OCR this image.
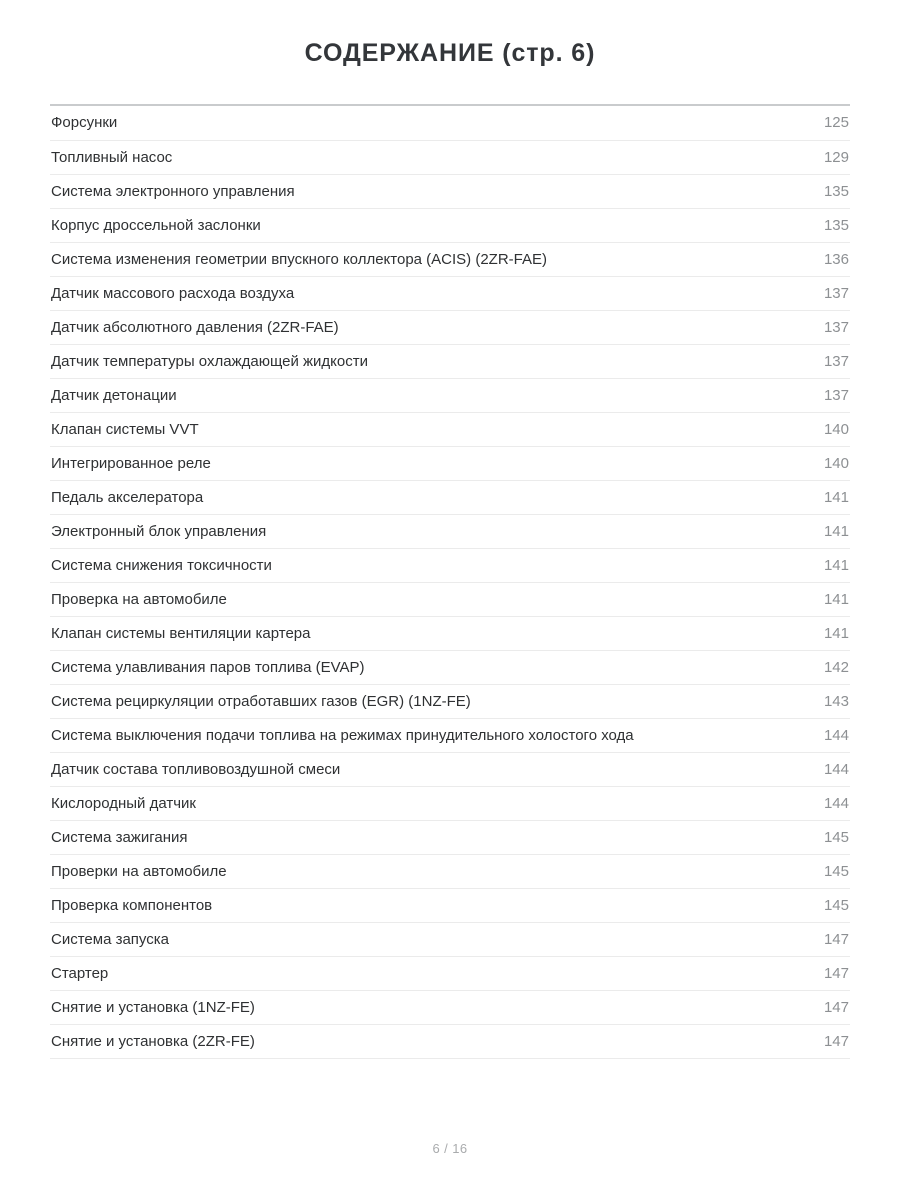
СОДЕРЖАНИЕ (стр. 6)
Форсунки	125
Топливный насос	129
Система электронного управления	135
Корпус дроссельной заслонки	135
Система изменения геометрии впускного коллектора (ACIS) (2ZR-FAE)	136
Датчик массового расхода воздуха	137
Датчик абсолютного давления (2ZR-FAE)	137
Датчик температуры охлаждающей жидкости	137
Датчик детонации	137
Клапан системы VVT	140
Интегрированное реле	140
Педаль акселератора	141
Электронный блок управления	141
Система снижения токсичности	141
Проверка на автомобиле	141
Клапан системы вентиляции картера	141
Система улавливания паров топлива (EVAP)	142
Система рециркуляции отработавших газов (EGR) (1NZ-FE)	143
Система выключения подачи топлива на режимах принудительного холостого хода	144
Датчик состава топливовоздушной смеси	144
Кислородный датчик	144
Система зажигания	145
Проверки на автомобиле	145
Проверка компонентов	145
Система запуска	147
Стартер	147
Снятие и установка (1NZ-FE)	147
Снятие и установка (2ZR-FE)	147
6 / 16
